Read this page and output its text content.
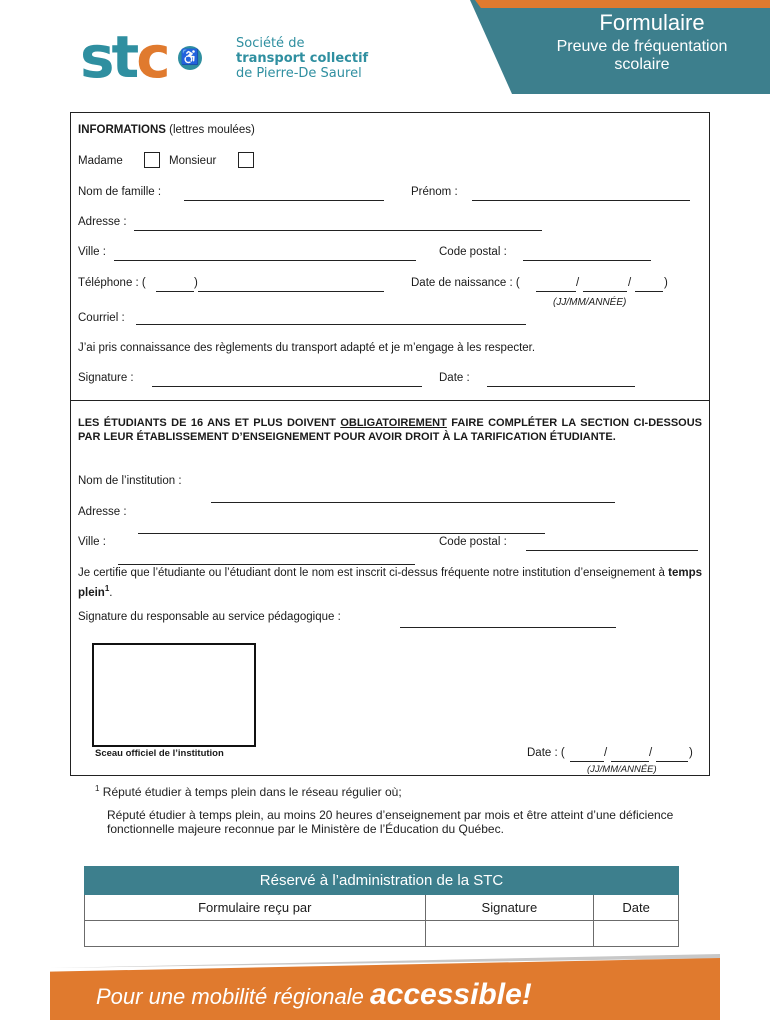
stc ♿
Société de
transport collectif
de Pierre-De Saurel
Formulaire
Preuve de fréquentation
scolaire
INFORMATIONS (lettres moulées)
Madame	Monsieur
Nom de famille :	Prénom :
Adresse :
Ville :	Code postal :
Téléphone : (	)	Date de naissance : (	/	/	)
(JJ/MM/ANNÉE)
Courriel :
J’ai pris connaissance des règlements du transport adapté et je m’engage à les respecter.
Signature :	Date :
LES ÉTUDIANTS DE 16 ANS ET PLUS DOIVENT OBLIGATOIREMENT FAIRE COMPLÉTER LA SECTION CI-DESSOUS PAR LEUR ÉTABLISSEMENT D’ENSEIGNEMENT POUR AVOIR DROIT À LA TARIFICATION ÉTUDIANTE.
Nom de l’institution :
Adresse :
Ville :	Code postal :
Je certifie que l’étudiante ou l’étudiant dont le nom est inscrit ci-dessus fréquente notre institution d’enseignement à temps plein$^1$.
Signature du responsable au service pédagogique :
Sceau officiel de l’institution	Date : (	/	/	)
(JJ/MM/ANNÉE)
$^1$ Réputé étudier à temps plein dans le réseau régulier où;
Réputé étudier à temps plein, au moins 20 heures d’enseignement par mois et être atteint d’une déficience fonctionnelle majeure reconnue par le Ministère de l’Éducation du Québec.
Réservé à l’administration de la STC		
Formulaire reçu par	Signature	Date

Pour une mobilité régionale accessible!
